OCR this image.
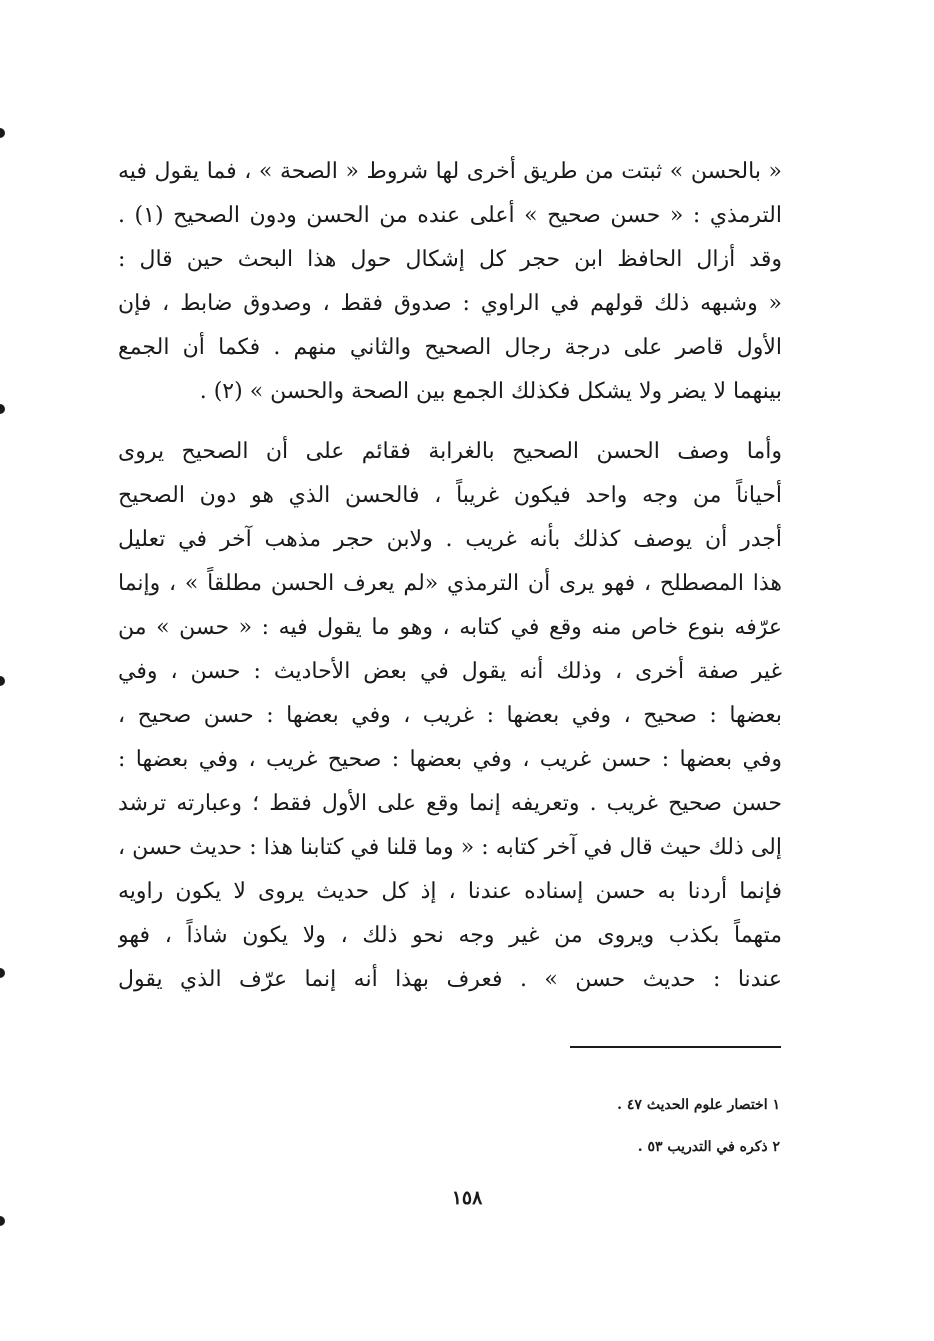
« بالحسن » ثبتت من طريق أخرى لها شروط « الصحة » ، فما يقول فيه
الترمذي : « حسن صحيح » أعلى عنده من الحسن ودون الصحيح (١) .
وقد أزال الحافظ ابن حجر كل إشكال حول هذا البحث حين قال :
« وشبهه ذلك قولهم في الراوي : صدوق فقط ، وصدوق ضابط ، فإن
الأول قاصر على درجة رجال الصحيح والثاني منهم . فكما أن الجمع
بينهما لا يضر ولا يشكل فكذلك الجمع بين الصحة والحسن » (٢) .
وأما وصف الحسن الصحيح بالغرابة فقائم على أن الصحيح يروى
أحياناً من وجه واحد فيكون غريباً ، فالحسن الذي هو دون الصحيح
أجدر أن يوصف كذلك بأنه غريب . ولابن حجر مذهب آخر في تعليل
هذا المصطلح ، فهو يرى أن الترمذي «لم يعرف الحسن مطلقاً » ، وإنما
عرّفه بنوع خاص منه وقع في كتابه ، وهو ما يقول فيه : « حسن » من
غير صفة أخرى ، وذلك أنه يقول في بعض الأحاديث : حسن ، وفي
بعضها : صحيح ، وفي بعضها : غريب ، وفي بعضها : حسن صحيح ،
وفي بعضها : حسن غريب ، وفي بعضها : صحيح غريب ، وفي بعضها :
حسن صحيح غريب . وتعريفه إنما وقع على الأول فقط ؛ وعبارته ترشد
إلى ذلك حيث قال في آخر كتابه : « وما قلنا في كتابنا هذا : حديث حسن ،
فإنما أردنا به حسن إسناده عندنا ، إذ كل حديث يروى لا يكون راويه
متهماً بكذب ويروى من غير وجه نحو ذلك ، ولا يكون شاذاً ، فهو
عندنا : حديث حسن » . فعرف بهذا أنه إنما عرّف الذي يقول
١ اختصار علوم الحديث ٤٧ .
٢ ذكره في التدريب ٥٣ .
١٥٨
